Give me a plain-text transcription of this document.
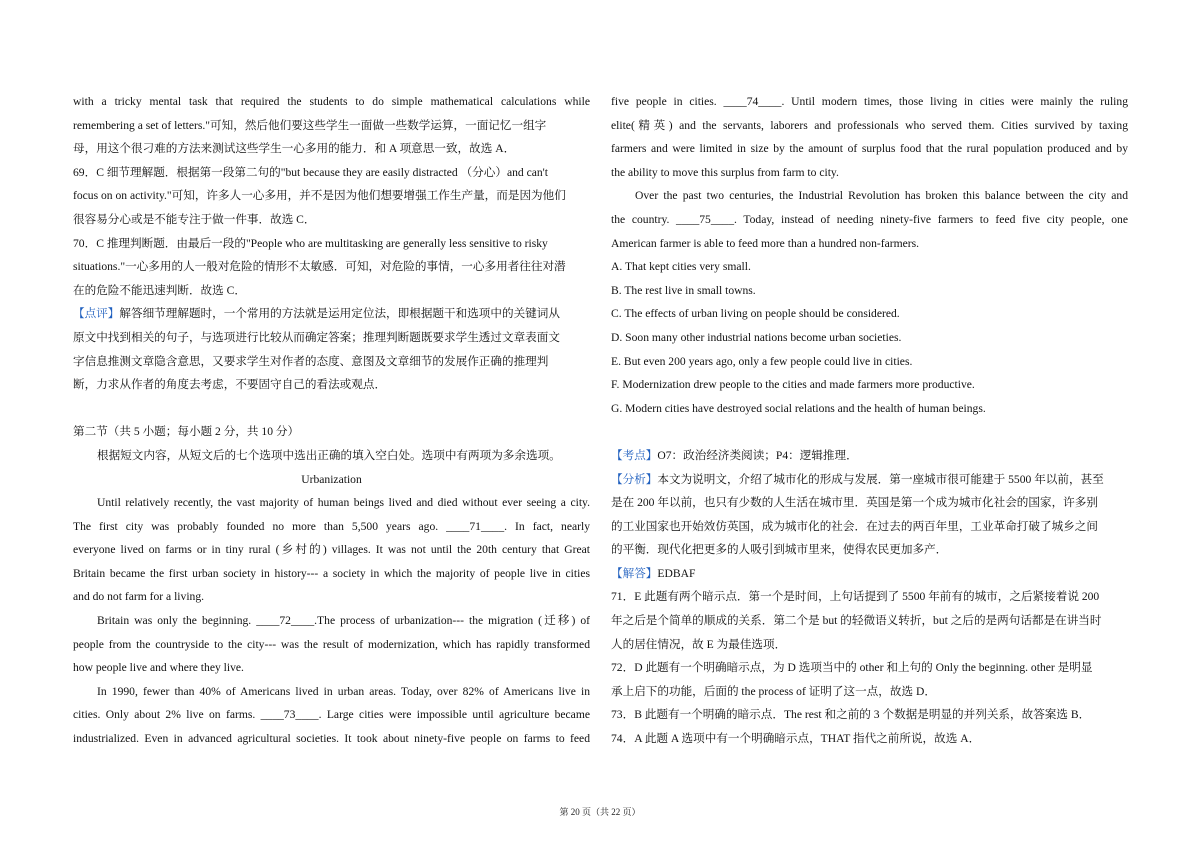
with a tricky mental task that required the students to do simple mathematical calculations while
remembering a set of letters."可知，然后他们要这些学生一面做一些数学运算，一面记忆一组字
母，用这个很刁难的方法来测试这些学生一心多用的能力．和 A 项意思一致，故选 A．
69．C 细节理解题．根据第一段第二句的"but because they are easily distracted （分心）and can't
focus on on activity."可知，许多人一心多用，并不是因为他们想要增强工作生产量，而是因为他们
很容易分心或是不能专注于做一件事．故选 C．
70．C 推理判断题．由最后一段的"People who are multitasking are generally less sensitive to risky
situations."一心多用的人一般对危险的情形不太敏感．可知，对危险的事情，一心多用者往往对潜
在的危险不能迅速判断．故选 C．
【点评】解答细节理解题时，一个常用的方法就是运用定位法，即根据题干和选项中的关键词从
原文中找到相关的句子，与选项进行比较从而确定答案；推理判断题既要求学生透过文章表面文
字信息推测文章隐含意思，又要求学生对作者的态度、意图及文章细节的发展作正确的推理判
断，力求从作者的角度去考虑，不要固守自己的看法或观点．
第二节（共 5 小题；每小题 2 分，共 10 分）
根据短文内容，从短文后的七个选项中选出正确的填入空白处。选项中有两项为多余选项。
Urbanization
Until relatively recently, the vast majority of human beings lived and died without ever seeing a city.
The first city was probably founded no more than 5,500 years ago. ____71____. In fact, nearly
everyone lived on farms or in tiny rural (乡村的) villages. It was not until the 20th century that Great
Britain became the first urban society in history--- a society in which the majority of people live in cities
and do not farm for a living.
Britain was only the beginning. ____72____.The process of urbanization--- the migration (迁移) of
people from the countryside to the city--- was the result of modernization, which has rapidly transformed
how people live and where they live.
In 1990, fewer than 40% of Americans lived in urban areas. Today, over 82% of Americans live in
cities. Only about 2% live on farms. ____73____. Large cities were impossible until agriculture became
industrialized. Even in advanced agricultural societies. It took about ninety-five people on farms to feed
five people in cities. ____74____. Until modern times, those living in cities were mainly the ruling
elite(精英) and the servants, laborers and professionals who served them. Cities survived by taxing
farmers and were limited in size by the amount of surplus food that the rural population produced and by
the ability to move this surplus from farm to city.
Over the past two centuries, the Industrial Revolution has broken this balance between the city and
the country. ____75____. Today, instead of needing ninety-five farmers to feed five city people, one
American farmer is able to feed more than a hundred non-farmers.
A. That kept cities very small.
B. The rest live in small towns.
C. The effects of urban living on people should be considered.
D. Soon many other industrial nations become urban societies.
E. But even 200 years ago, only a few people could live in cities.
F. Modernization drew people to the cities and made farmers more productive.
G. Modern cities have destroyed social relations and the health of human beings.
【考点】O7：政治经济类阅读；P4：逻辑推理．
【分析】本文为说明文，介绍了城市化的形成与发展．第一座城市很可能建于 5500 年以前，甚至
是在 200 年以前，也只有少数的人生活在城市里．英国是第一个成为城市化社会的国家，许多别
的工业国家也开始效仿英国，成为城市化的社会．在过去的两百年里，工业革命打破了城乡之间
的平衡．现代化把更多的人吸引到城市里来，使得农民更加多产．
【解答】EDBAF
71．E 此题有两个暗示点．第一个是时间，上句话提到了 5500 年前有的城市，之后紧接着说 200
年之后是个简单的顺成的关系．第二个是 but 的轻微语义转折，but 之后的是两句话都是在讲当时
人的居住情况，故 E 为最佳选项．
72．D 此题有一个明确暗示点，为 D 选项当中的 other 和上句的 Only the beginning. other 是明显
承上启下的功能，后面的 the process of 证明了这一点，故选 D．
73．B 此题有一个明确的暗示点．The rest 和之前的 3 个数据是明显的并列关系，故答案选 B．
74．A 此题 A 选项中有一个明确暗示点，THAT 指代之前所说，故选 A．
第 20 页（共 22 页）
